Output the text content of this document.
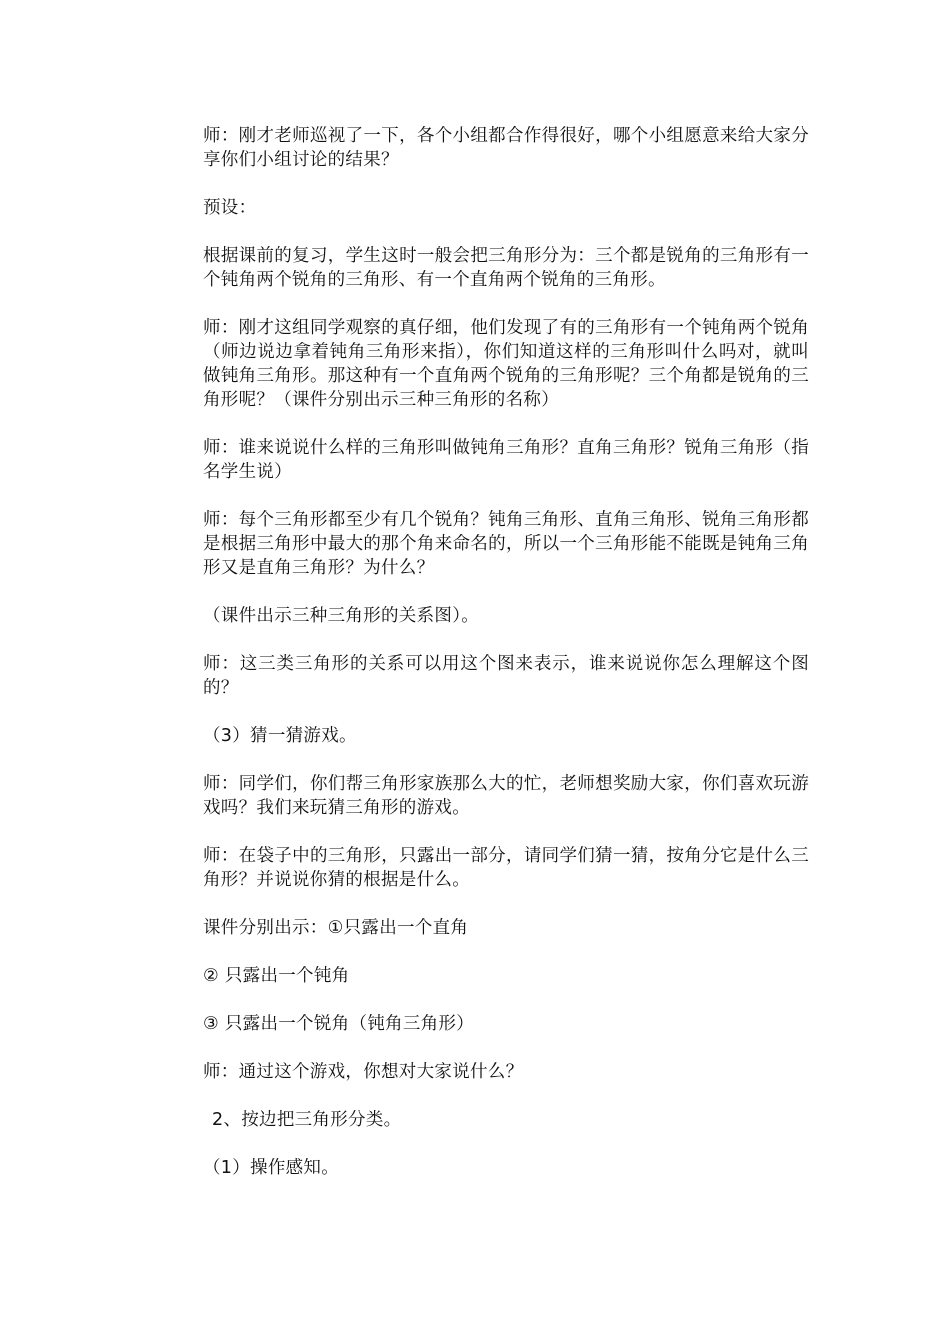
师：刚才老师巡视了一下，各个小组都合作得很好，哪个小组愿意来给大家分享你们小组讨论的结果？

预设：

根据课前的复习，学生这时一般会把三角形分为：三个都是锐角的三角形有一个钝角两个锐角的三角形、有一个直角两个锐角的三角形。

师：刚才这组同学观察的真仔细，他们发现了有的三角形有一个钝角两个锐角（师边说边拿着钝角三角形来指），你们知道这样的三角形叫什么吗对，就叫做钝角三角形。那这种有一个直角两个锐角的三角形呢？三个角都是锐角的三角形呢？（课件分别出示三种三角形的名称）

师：谁来说说什么样的三角形叫做钝角三角形？直角三角形？锐角三角形（指名学生说）

师：每个三角形都至少有几个锐角？钝角三角形、直角三角形、锐角三角形都是根据三角形中最大的那个角来命名的，所以一个三角形能不能既是钝角三角形又是直角三角形？为什么？

（课件出示三种三角形的关系图）。

师：这三类三角形的关系可以用这个图来表示，谁来说说你怎么理解这个图的？

（3）猜一猜游戏。

师：同学们，你们帮三角形家族那么大的忙，老师想奖励大家，你们喜欢玩游戏吗？我们来玩猜三角形的游戏。

师：在袋子中的三角形，只露出一部分，请同学们猜一猜，按角分它是什么三角形？并说说你猜的根据是什么。

课件分别出示：①只露出一个直角

② 只露出一个钝角

③ 只露出一个锐角（钝角三角形）

师：通过这个游戏，你想对大家说什么？

2、按边把三角形分类。

（1）操作感知。
